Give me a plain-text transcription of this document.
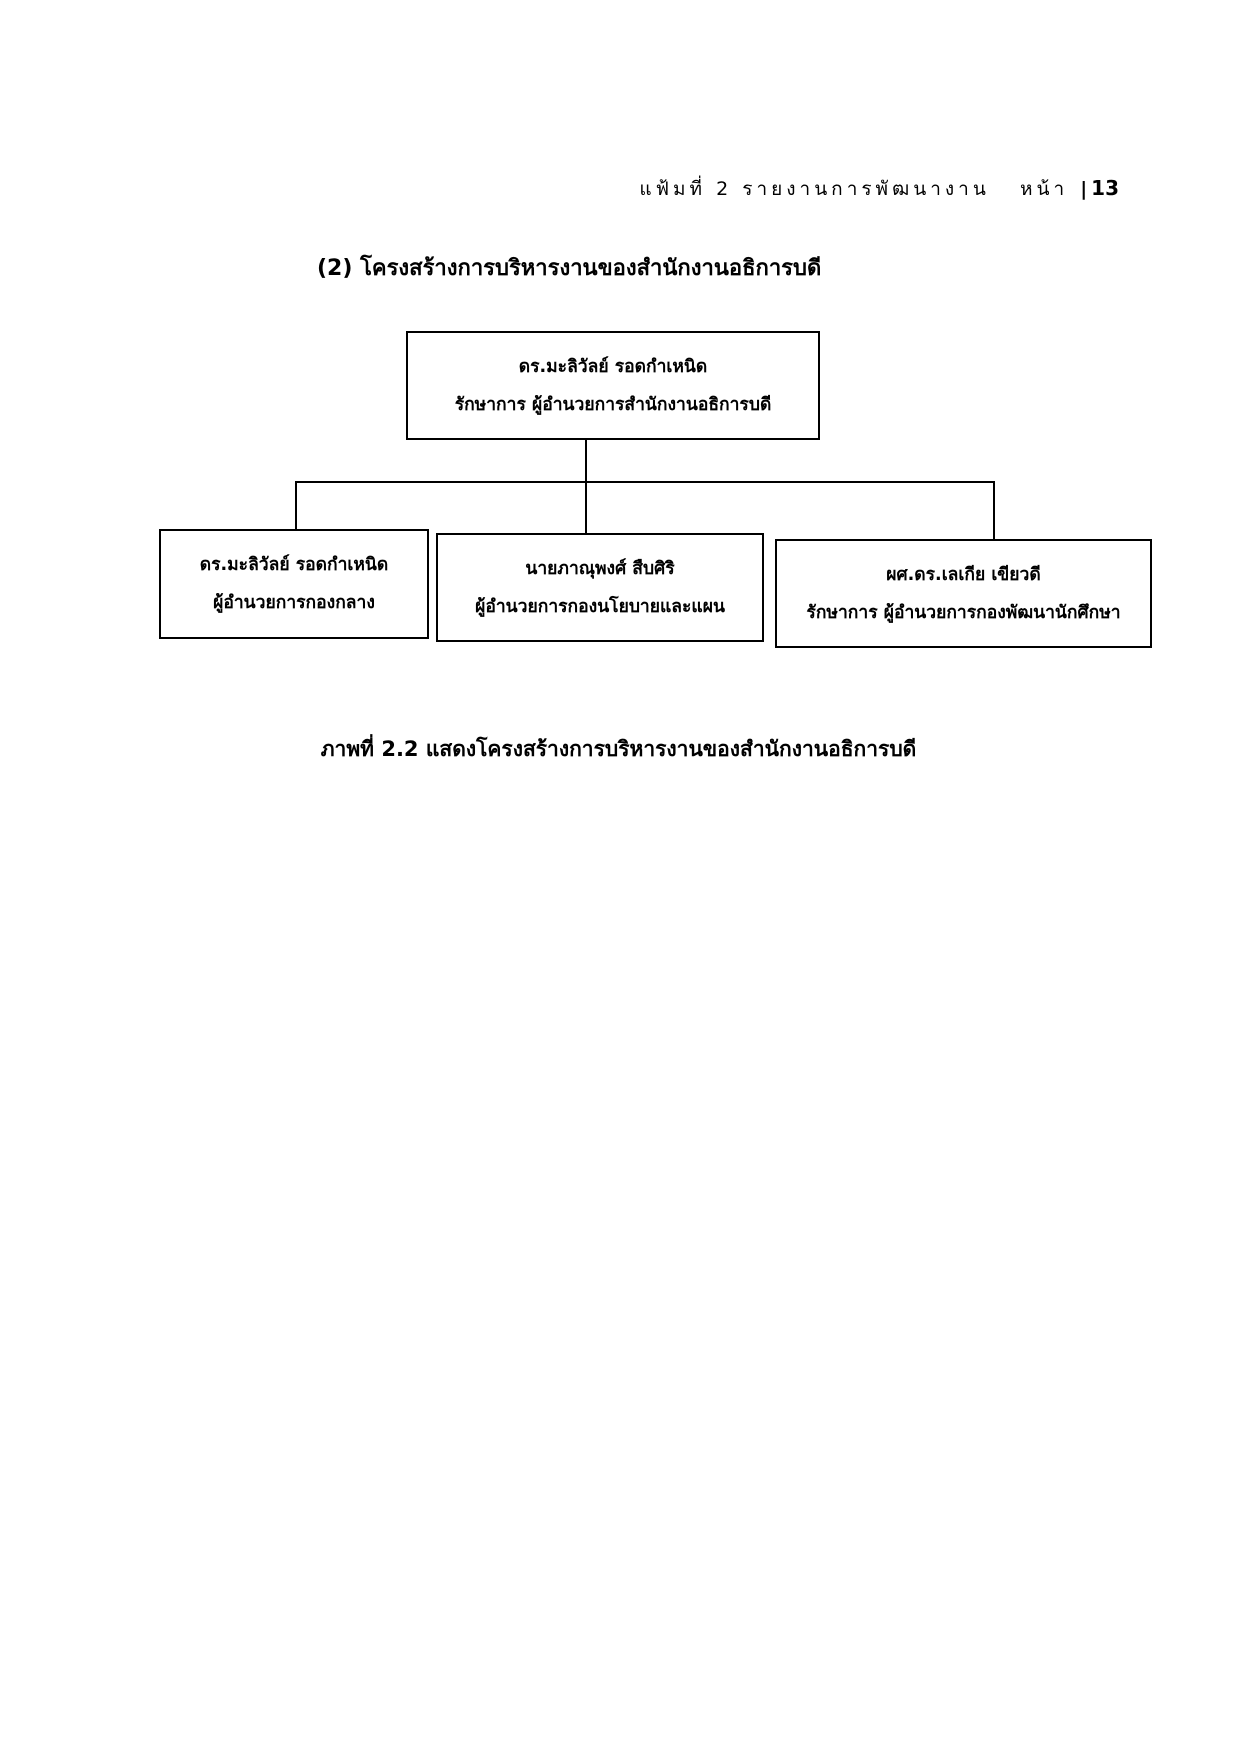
แฟ้มที่ 2 รายงานการพัฒนางาน หน้า | 13
(2) โครงสร้างการบริหารงานของสำนักงานอธิการบดี
ดร.มะลิวัลย์ รอดกำเหนิด
รักษาการ ผู้อำนวยการสำนักงานอธิการบดี
ดร.มะลิวัลย์ รอดกำเหนิด
ผู้อำนวยการกองกลาง
นายภาณุพงศ์ สืบศิริ
ผู้อำนวยการกองนโยบายและแผน
ผศ.ดร.เลเกีย เขียวดี
รักษาการ ผู้อำนวยการกองพัฒนานักศึกษา
ภาพที่ 2.2 แสดงโครงสร้างการบริหารงานของสำนักงานอธิการบดี
